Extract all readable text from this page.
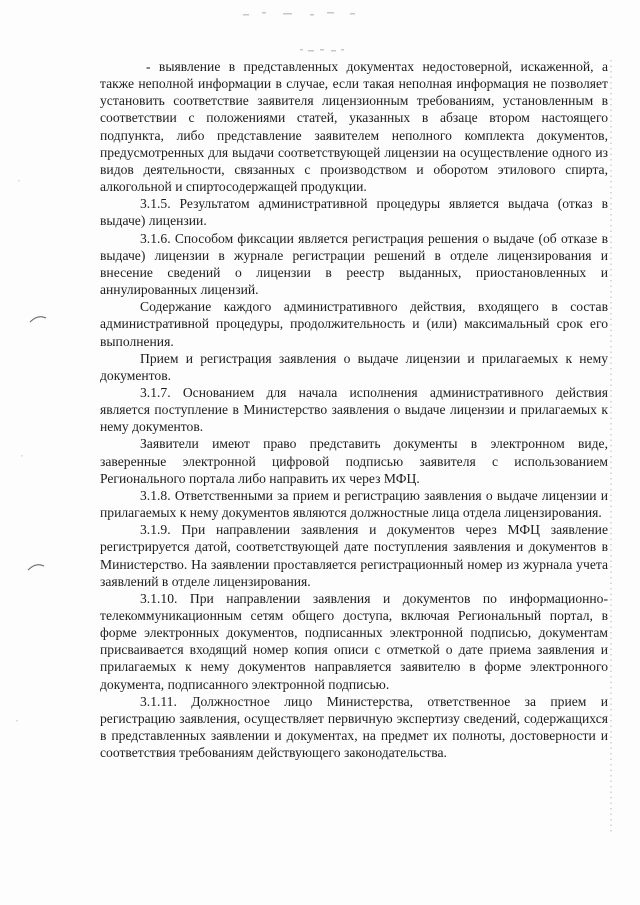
- выявление в представленных документах недостоверной, искаженной, а также неполной информации в случае, если такая неполная информация не позволяет установить соответствие заявителя лицензионным требованиям, установленным в соответствии с положениями статей, указанных в абзаце втором настоящего подпункта, либо представление заявителем неполного комплекта документов, предусмотренных для выдачи соответствующей лицензии на осуществление одного из видов деятельности, связанных с производством и оборотом этилового спирта, алкогольной и спиртосодержащей продукции.

3.1.5. Результатом административной процедуры является выдача (отказ в выдаче) лицензии.

3.1.6. Способом фиксации является регистрация решения о выдаче (об отказе в выдаче) лицензии в журнале регистрации решений в отделе лицензирования и внесение сведений о лицензии в реестр выданных, приостановленных и аннулированных лицензий.

Содержание каждого административного действия, входящего в состав административной процедуры, продолжительность и (или) максимальный срок его выполнения.

Прием и регистрация заявления о выдаче лицензии и прилагаемых к нему документов.

3.1.7. Основанием для начала исполнения административного действия является поступление в Министерство заявления о выдаче лицензии и прилагаемых к нему документов.

Заявители имеют право представить документы в электронном виде, заверенные электронной цифровой подписью заявителя с использованием Регионального портала либо направить их через МФЦ.

3.1.8. Ответственными за прием и регистрацию заявления о выдаче лицензии и прилагаемых к нему документов являются должностные лица отдела лицензирования.

3.1.9. При направлении заявления и документов через МФЦ заявление регистрируется датой, соответствующей дате поступления заявления и документов в Министерство. На заявлении проставляется регистрационный номер из журнала учета заявлений в отделе лицензирования.

3.1.10. При направлении заявления и документов по информационно-телекоммуникационным сетям общего доступа, включая Региональный портал, в форме электронных документов, подписанных электронной подписью, документам присваивается входящий номер копия описи с отметкой о дате приема заявления и прилагаемых к нему документов направляется заявителю в форме электронного документа, подписанного электронной подписью.

3.1.11. Должностное лицо Министерства, ответственное за прием и регистрацию заявления, осуществляет первичную экспертизу сведений, содержащихся в представленных заявлении и документах, на предмет их полноты, достоверности и соответствия требованиям действующего законодательства.
